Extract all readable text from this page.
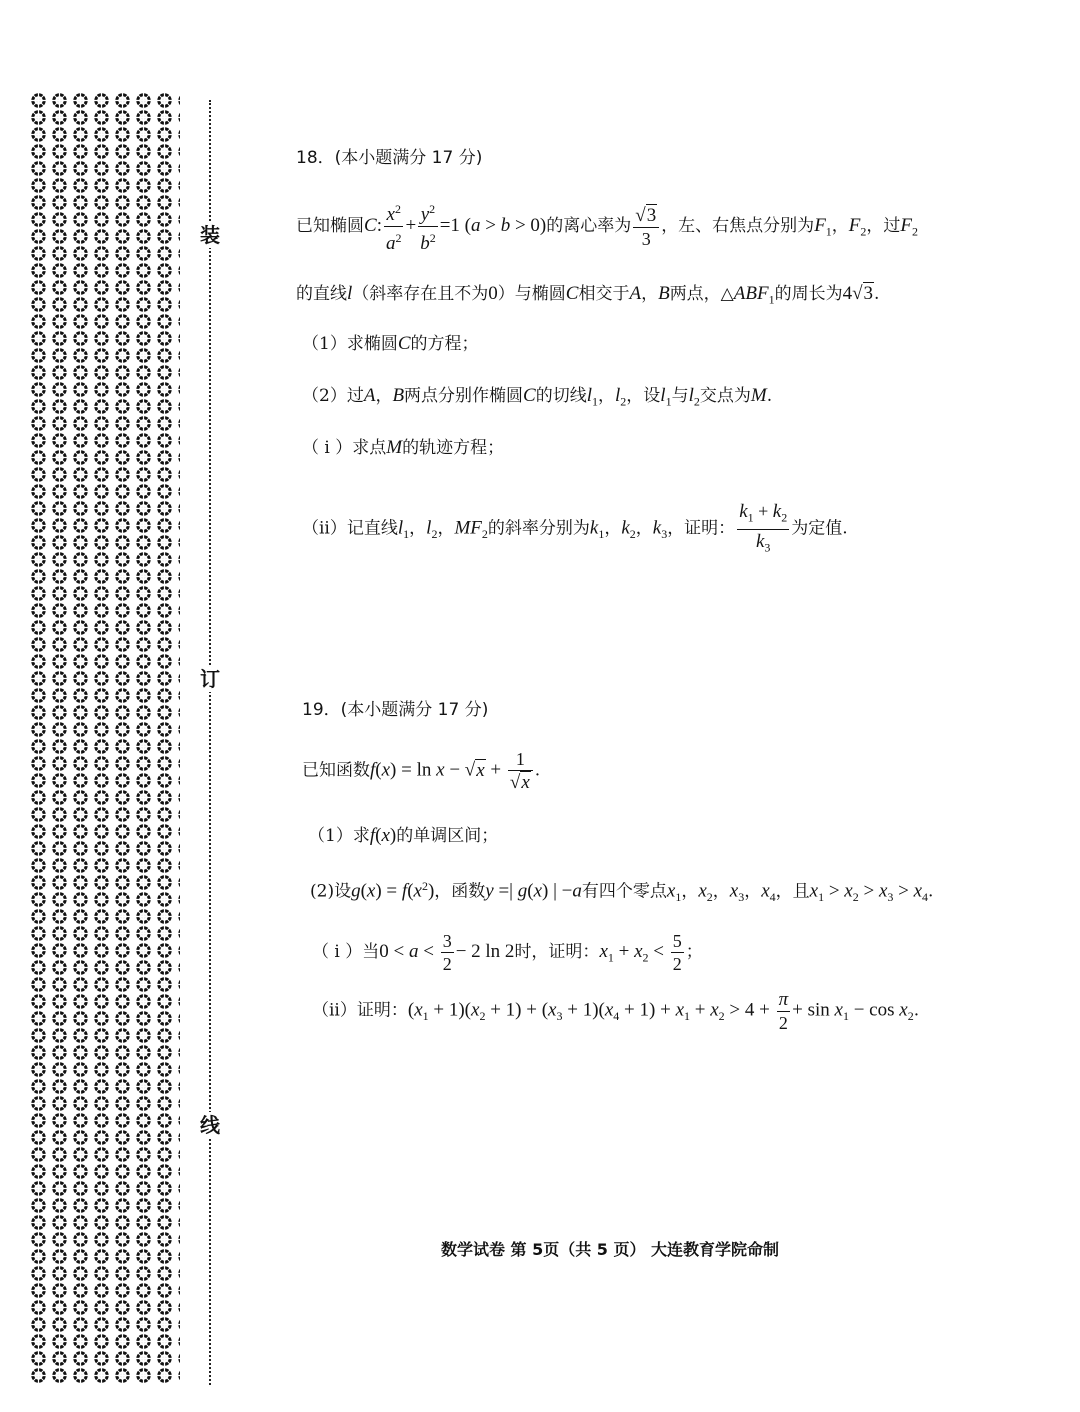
装
订
线
18．(本小题满分 17 分)
已知椭圆C: $\frac{x^2}{a^2} + \frac{y^2}{b^2} =1$ (a > b > 0)的离心率为 $\frac{√3}{3}$ ，左、右焦点分别为$F_1$，$F_2$，过$F_2$
的直线l（斜率存在且不为0）与椭圆C相交于A，B两点，$\triangle ABF_1$的周长为4√3.
（1）求椭圆C的方程；
（2）过A，B两点分别作椭圆C的切线$l_1$，$l_2$，设$l_1$与$l_2$交点为M.
（ i ）求点M的轨迹方程；
（ii）记直线$l_1$，$l_2$，$MF_2$的斜率分别为$k_1$，$k_2$，$k_3$，证明： $\frac{k_1 + k_2}{k_3}$ 为定值.
19．(本小题满分 17 分)
已知函数$f(x) = \ln x - √x + \frac{1}{√x}$ .
（1）求f(x)的单调区间；
(2)设$g(x) = f(x^2)$，函数y =| g(x) | −a有四个零点$x_1$，$x_2$，$x_3$，$x_4$，且$x_1 > x_2 > x_3 > x_4$.
（ i ）当$0 < a < \frac{3}{2} - 2$ ln 2时，证明：$x_1 + x_2 < \frac{5}{2}$ ；
（ii）证明：$(x_1 + 1)(x_2 + 1) + (x_3 + 1)(x_4 + 1) + x_1 + x_2 > 4 + \frac{\pi}{2} + \sin x_1 - \cos x_2$.
数学试卷 第 5页（共 5 页） 大连教育学院命制
